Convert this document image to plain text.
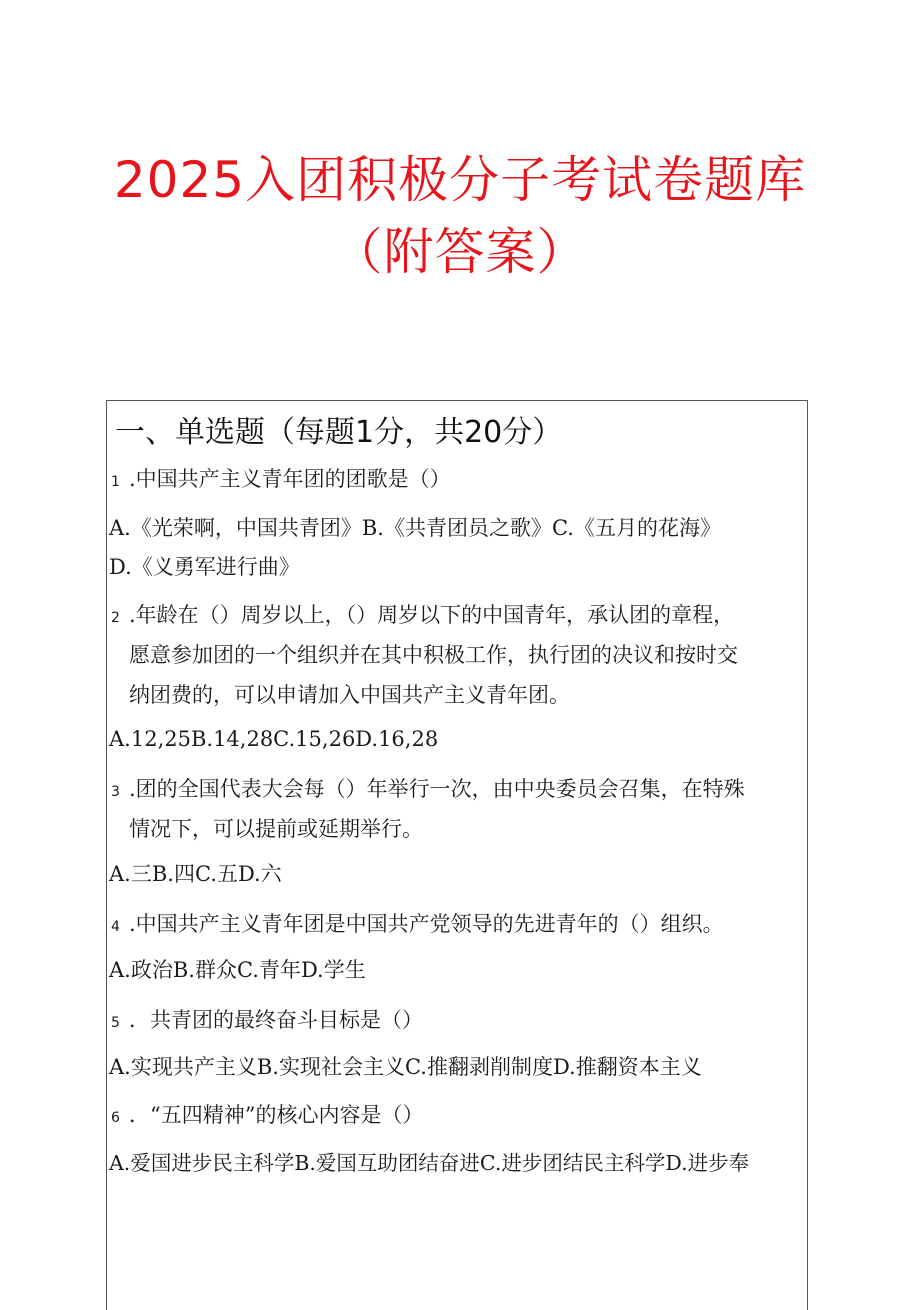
2025入团积极分子考试卷题库
（附答案）
一、单选题（每题1分，共20分）
1 .中国共产主义青年团的团歌是（）
A.《光荣啊，中国共青团》B.《共青团员之歌》C.《五月的花海》
D.《义勇军进行曲》
2 .年龄在（）周岁以上，（）周岁以下的中国青年，承认团的章程，
愿意参加团的一个组织并在其中积极工作，执行团的决议和按时交
纳团费的，可以申请加入中国共产主义青年团。
A.12,25B.14,28C.15,26D.16,28
3 .团的全国代表大会每（）年举行一次，由中央委员会召集，在特殊
情况下，可以提前或延期举行。
A.三B.四C.五D.六
4 .中国共产主义青年团是中国共产党领导的先进青年的（）组织。
A.政治B.群众C.青年D.学生
5 ．共青团的最终奋斗目标是（）
A.实现共产主义B.实现社会主义C.推翻剥削制度D.推翻资本主义
6 ．“五四精神”的核心内容是（）
A.爱国进步民主科学B.爱国互助团结奋进C.进步团结民主科学D.进步奉
